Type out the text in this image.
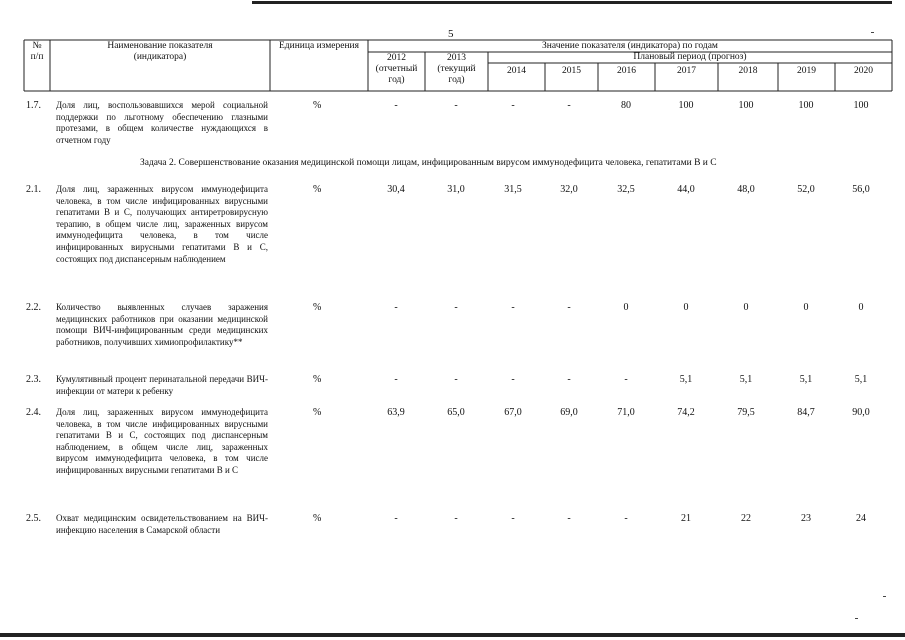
5
№
п/п
Наименование показателя
(индикатора)
Единица измерения	Значение показателя (индикатора) по годам
Плановый период (прогноз)
2012
(отчетный
год)
2013
(текущий
год)
2014	2015	2016	2017	2018	2019	2020
1.7. Доля лиц, воспользовавшихся мерой социальной поддержки по льготному обеспечению глазными протезами, в общем количестве нуждающихся в отчетном году
%	-	-	-	-	80	100	100	100	100
Задача 2. Совершенствование оказания медицинской помощи лицам, инфицированным вирусом иммунодефицита человека, гепатитами В и С
2.1. Доля лиц, зараженных вирусом иммунодефицита человека, в том числе инфицированных вирусными гепатитами В и С, получающих антиретровирусную терапию, в общем числе лиц, зараженных вирусом иммунодефицита человека, в том числе инфицированных вирусными гепатитами В и С, состоящих под диспансерным наблюдением
%	30,4	31,0	31,5	32,0	32,5	44,0	48,0	52,0	56,0
2.2. Количество выявленных случаев заражения медицинских работников при оказании медицинской помощи ВИЧ-инфицированным среди медицинских работников, получивших химиопрофилактику**
%	-	-	-	-	0	0	0	0	0
2.3. Кумулятивный процент перинатальной передачи ВИЧ-инфекции от матери к ребенку
%	-	-	-	-	-	5,1	5,1	5,1	5,1
2.4. Доля лиц, зараженных вирусом иммунодефицита человека, в том числе инфицированных вирусными гепатитами В и С, состоящих под диспансерным наблюдением, в общем числе лиц, зараженных вирусом иммунодефицита человека, в том числе инфицированных вирусными гепатитами В и С
%	63,9	65,0	67,0	69,0	71,0	74,2	79,5	84,7	90,0
2.5. Охват медицинским освидетельствованием на ВИЧ-инфекцию населения в Самарской области
%	-	-	-	-	-	21	22	23	24
